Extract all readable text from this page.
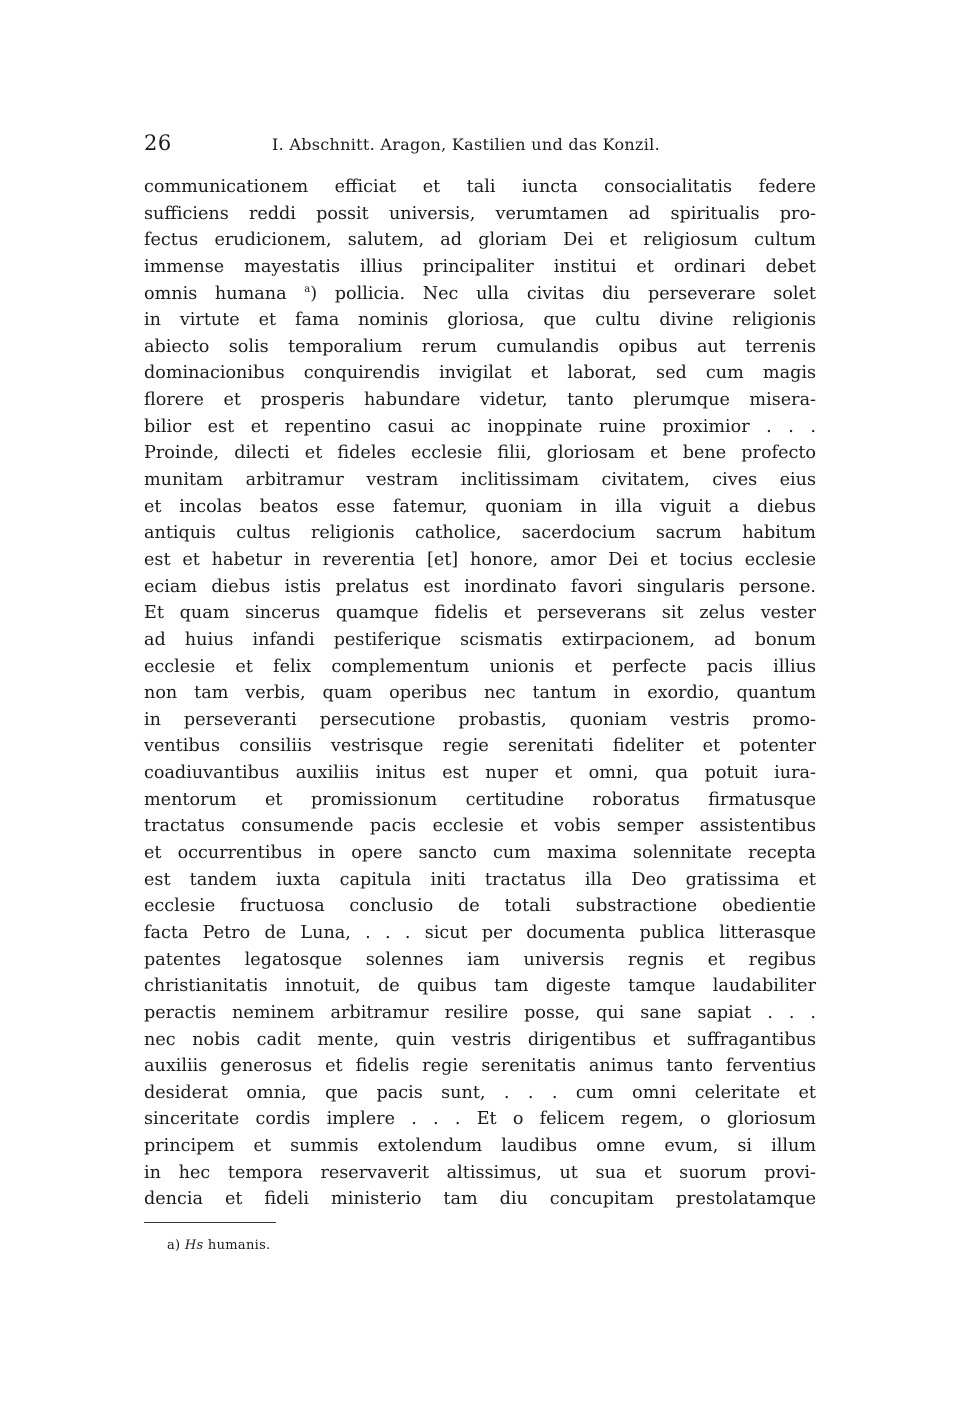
26	I. Abschnitt. Aragon, Kastilien und das Konzil.
communicationem efficiat et tali iuncta consocialitatis federe
sufficiens reddi possit universis, verumtamen ad spiritualis pro-
fectus erudicionem, salutem, ad gloriam Dei et religiosum cultum
immense mayestatis illius principaliter institui et ordinari debet
omnis humana $^a$) pollicia. Nec ulla civitas diu perseverare solet
in virtute et fama nominis gloriosa, que cultu divine religionis
abiecto solis temporalium rerum cumulandis opibus aut terrenis
dominacionibus conquirendis invigilat et laborat, sed cum magis
florere et prosperis habundare videtur, tanto plerumque misera-
bilior est et repentino casui ac inoppinate ruine proximior . . .
Proinde, dilecti et fideles ecclesie filii, gloriosam et bene profecto
munitam arbitramur vestram inclitissimam civitatem, cives eius
et incolas beatos esse fatemur, quoniam in illa viguit a diebus
antiquis cultus religionis catholice, sacerdocium sacrum habitum
est et habetur in reverentia [et] honore, amor Dei et tocius ecclesie
eciam diebus istis prelatus est inordinato favori singularis persone.
Et quam sincerus quamque fidelis et perseverans sit zelus vester
ad huius infandi pestiferique scismatis extirpacionem, ad bonum
ecclesie et felix complementum unionis et perfecte pacis illius
non tam verbis, quam operibus nec tantum in exordio, quantum
in perseveranti persecutione probastis, quoniam vestris promo-
ventibus consiliis vestrisque regie serenitati fideliter et potenter
coadiuvantibus auxiliis initus est nuper et omni, qua potuit iura-
mentorum et promissionum certitudine roboratus firmatusque
tractatus consumende pacis ecclesie et vobis semper assistentibus
et occurrentibus in opere sancto cum maxima solennitate recepta
est tandem iuxta capitula initi tractatus illa Deo gratissima et
ecclesie fructuosa conclusio de totali substractione obedientie
facta Petro de Luna, . . . sicut per documenta publica litterasque
patentes legatosque solennes iam universis regnis et regibus
christianitatis innotuit, de quibus tam digeste tamque laudabiliter
peractis neminem arbitramur resilire posse, qui sane sapiat . . .
nec nobis cadit mente, quin vestris dirigentibus et suffragantibus
auxiliis generosus et fidelis regie serenitatis animus tanto ferventius
desiderat omnia, que pacis sunt, . . . cum omni celeritate et
sinceritate cordis implere . . . Et o felicem regem, o gloriosum
principem et summis extolendum laudibus omne evum, si illum
in hec tempora reservaverit altissimus, ut sua et suorum provi-
dencia et fideli ministerio tam diu concupitam prestolatamque
a) Hs humanis.
